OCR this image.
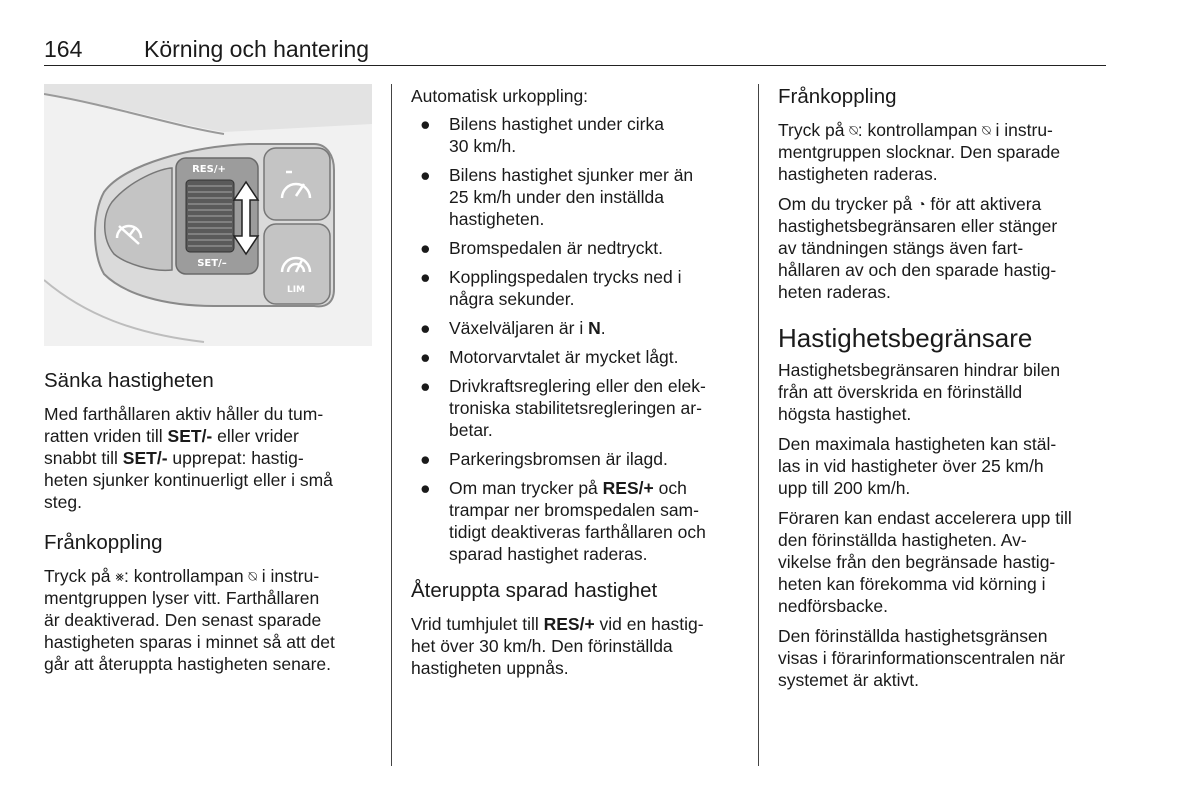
164	Körning och hantering
RES/+
SET/–
LIM
Sänka hastigheten

Med farthållaren aktiv håller du tum-
ratten vriden till SET/- eller vrider
snabbt till SET/- upprepat: hastig-
heten sjunker kontinuerligt eller i små
steg.

Frånkoppling

Tryck på ⨳: kontrollampan ⍉ i instru-
mentgruppen lyser vitt. Farthållaren
är deaktiverad. Den senast sparade
hastigheten sparas i minnet så att det
går att återuppta hastigheten senare.

Automatisk urkoppling:

● Bilens hastighet under cirka
30 km/h.
● Bilens hastighet sjunker mer än
25 km/h under den inställda
hastigheten.
● Bromspedalen är nedtryckt.
● Kopplingspedalen trycks ned i
några sekunder.
● Växelväljaren är i N.
● Motorvarvtalet är mycket lågt.
● Drivkraftsreglering eller den elek-
troniska stabilitetsregleringen ar-
betar.
● Parkeringsbromsen är ilagd.
● Om man trycker på RES/+ och
trampar ner bromspedalen sam-
tidigt deaktiveras farthållaren och
sparad hastighet raderas.
Återuppta sparad hastighet

Vrid tumhjulet till RES/+ vid en hastig-
het över 30 km/h. Den förinställda
hastigheten uppnås.

Frånkoppling

Tryck på ⍉: kontrollampan ⍉ i instru-
mentgruppen slocknar. Den sparade
hastigheten raderas.

Om du trycker på ◔ för att aktivera
hastighetsbegränsaren eller stänger
av tändningen stängs även fart-
hållaren av och den sparade hastig-
heten raderas.

Hastighetsbegränsare

Hastighetsbegränsaren hindrar bilen
från att överskrida en förinställd
högsta hastighet.

Den maximala hastigheten kan stäl-
las in vid hastigheter över 25 km/h
upp till 200 km/h.

Föraren kan endast accelerera upp till
den förinställda hastigheten. Av-
vikelse från den begränsade hastig-
heten kan förekomma vid körning i
nedförsbacke.

Den förinställda hastighetsgränsen
visas i förarinformationscentralen när
systemet är aktivt.
